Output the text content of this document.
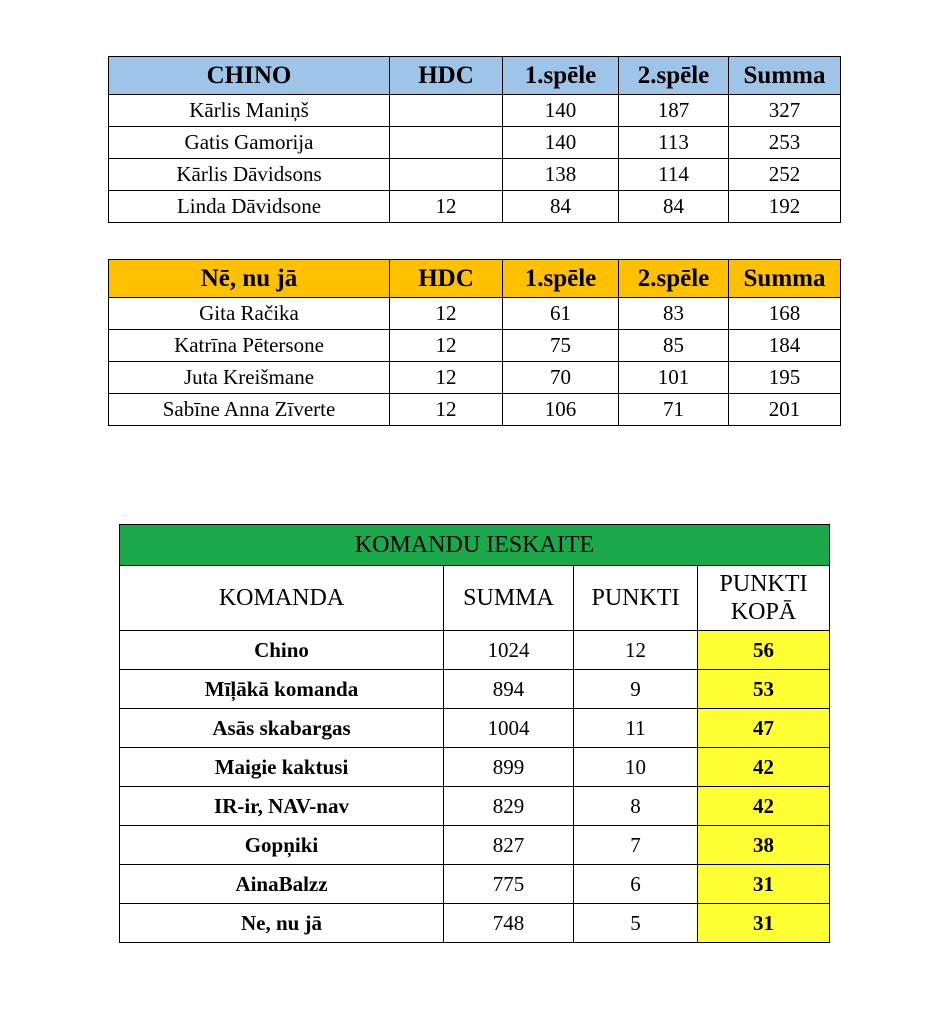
CHINO	HDC	1.spēle	2.spēle	Summa
Kārlis Maniņš		140	187	327
Gatis Gamorija		140	113	253
Kārlis Dāvidsons		138	114	252
Linda Dāvidsone	12	84	84	192
Nē, nu jā	HDC	1.spēle	2.spēle	Summa
Gita Račika	12	61	83	168
Katrīna Pētersone	12	75	85	184
Juta Kreišmane	12	70	101	195
Sabīne Anna Zīverte	12	106	71	201
KOMANDU IESKAITE			
KOMANDA	SUMMA	PUNKTI	PUNKTI
KOPĀ
Chino	1024	12	56
Mīļākā komanda	894	9	53
Asās skabargas	1004	11	47
Maigie kaktusi	899	10	42
IR-ir, NAV-nav	829	8	42
Gopņiki	827	7	38
AinaBalzz	775	6	31
Ne, nu jā	748	5	31
